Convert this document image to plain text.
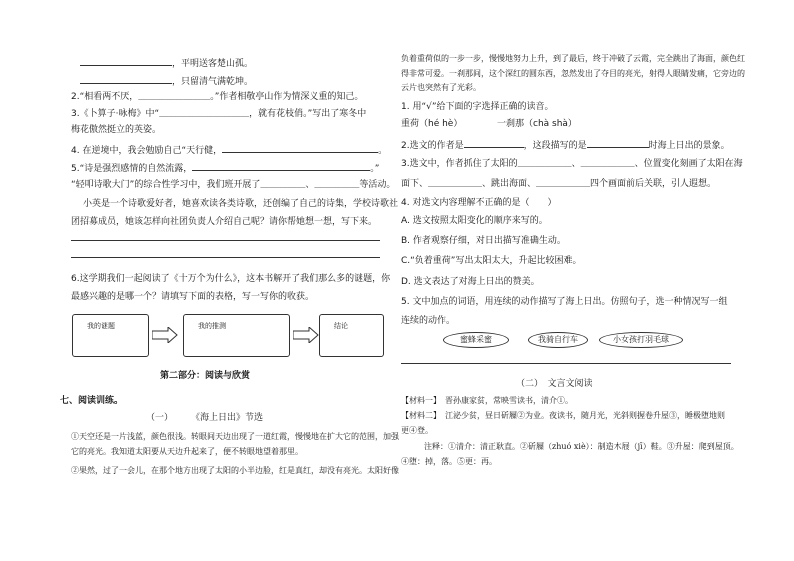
，平明送客楚山孤。
，只留清气满乾坤。
2.“相看两不厌，＿＿＿＿＿＿＿＿。”作者相敬亭山作为情深义重的知己。
3.《卜算子·咏梅》中“＿＿＿＿＿＿＿＿＿＿，就有花枝俏。”写出了寒冬中
梅花傲然挺立的英姿。
4. 在逆境中，我会勉励自己“天行健，	。
5.“诗是强烈感情的自然流露，	。”
“轻叩诗歌大门”的综合性学习中，我们班开展了＿＿＿＿＿、＿＿＿＿＿等活动。
小英是一个诗歌爱好者，她喜欢读各类诗歌，还创编了自己的诗集，学校诗歌社
团招募成员，她该怎样向社团负责人介绍自己呢？请你帮她想一想，写下来。
6.这学期我们一起阅读了《十万个为什么》，这本书解开了我们那么多的谜题，你
最感兴趣的是哪一个？请填写下面的表格，写一写你的收获。
我的谜题	我的推测	结论
第二部分：阅读与欣赏
七、阅读训练。
（一） 《海上日出》节选
①天空还是一片浅蓝，颜色很浅。转眼间天边出现了一道红霞，慢慢地在扩大它的范围，加强
它的亮光。我知道太阳要从天边升起来了，便不转眼地望着那里。
②果然，过了一会儿，在那个地方出现了太阳的小半边脸，红是真红，却没有亮光。太阳好像
负着重荷似的一步一步，慢慢地努力上升，到了最后，终于冲破了云霞，完全跳出了海面，颜色红
得非常可爱。一刹那间，这个深红的圆东西，忽然发出了夺目的亮光，射得人眼睛发痛，它旁边的
云片也突然有了光彩。
1. 用“√”给下面的字选择正确的读音。
重荷（hé hè）	一刹那（chà shà）
2.选文的作者是	，这段描写的是	时海上日出的景象。
3.选文中，作者抓住了太阳的＿＿＿＿＿＿、＿＿＿＿＿＿、位置变化刻画了太阳在海
面下、＿＿＿＿＿＿、跳出海面、＿＿＿＿＿＿四个画面前后关联，引人遐想。
4. 对选文内容理解不正确的是（　　）
A. 选文按照太阳变化的顺序来写的。
B. 作者观察仔细，对日出描写准确生动。
C.“负着重荷”写出太阳太大，升起比较困难。
D. 选文表达了对海上日出的赞美。
5. 文中加点的词语，用连续的动作描写了海上日出。仿照句子，选一种情况写一组
连续的动作。
蜜蜂采蜜	我骑自行车	小女孩打羽毛球
（二）　文言文阅读
【材料一】　晋孙康家贫，常映雪读书，清介①。
【材料二】　江泌少贫，昼日斫屧②为业。夜读书，随月光，光斜则握卷升屋③，睡极堕地则
更④登。
注释：①清介：清正耿直。②斫屧（zhuó xiè）：制造木屐（jī）鞋。③升屋：爬到屋顶。
④堕：掉，落。⑤更：再。
